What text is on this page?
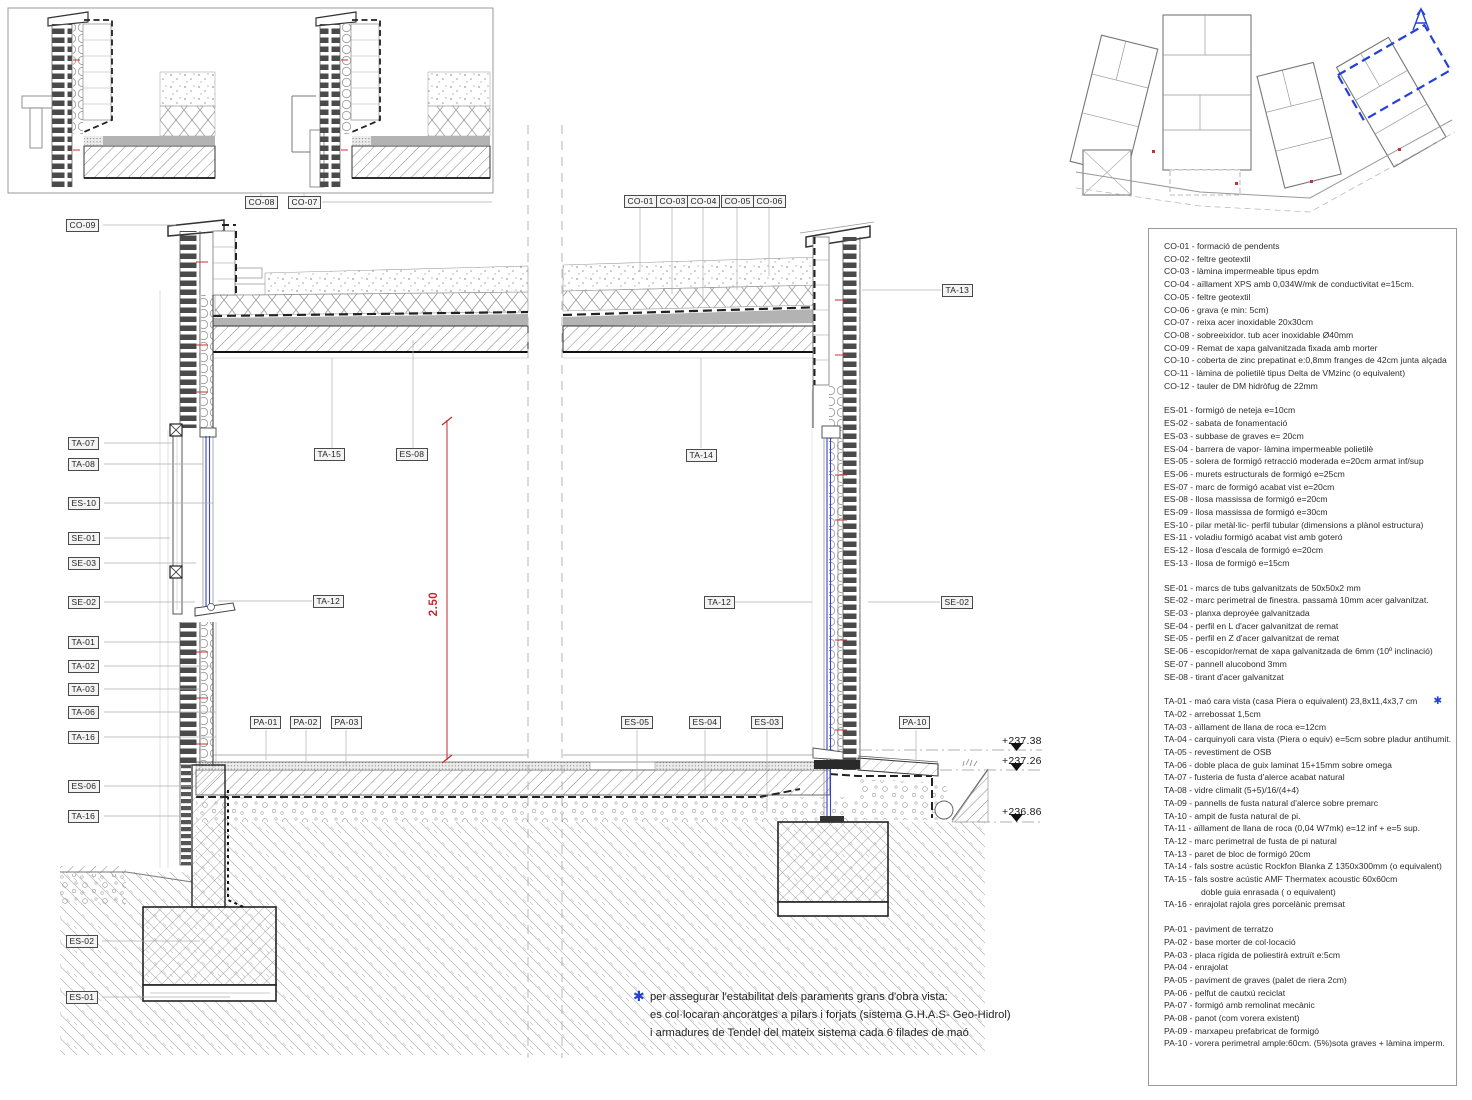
CO-09
CO-08	CO-07	CO-01 CO-03 CO-04 CO-05 CO-06
TA-13
TA-07
TA-08
ES-10
SE-01
SE-03
SE-02
TA-01
TA-02
TA-03
TA-06
TA-16
ES-06
TA-16
ES-02
ES-01
TA-15	ES-08	TA-14
TA-12	TA-12	SE-02
PA-01	PA-02	PA-03	ES-05	ES-04	ES-03	PA-10
+237.38
+237.26
+236.86
2.50
CO-01 - formació de pendents
CO-02 - feltre geotextil
CO-03 - làmina impermeable tipus epdm
CO-04 - aïllament XPS amb 0,034W/mk de conductivitat e=15cm.
CO-05 - feltre geotextil
CO-06 - grava (e min: 5cm)
CO-07 - reixa acer inoxidable 20x30cm
CO-08 - sobreeixidor. tub acer inoxidable Ø40mm
CO-09 - Remat de xapa galvanitzada fixada amb morter
CO-10 - coberta de zinc prepatinat e:0,8mm franges de 42cm junta alçada
CO-11 - làmina de polietilè tipus Delta de VMzinc (o equivalent)
CO-12 - tauler de DM hidròfug de 22mm
ES-01 - formigó de neteja e=10cm
ES-02 - sabata de fonamentació
ES-03 - subbase de graves e= 20cm
ES-04 - barrera de vapor- làmina impermeable polietilè
ES-05 - solera de formigó retracció moderada e=20cm armat inf/sup
ES-06 - murets estructurals de formigó e=25cm
ES-07 - marc de formigó acabat vist e=20cm
ES-08 - llosa massissa de formigó e=20cm
ES-09 - llosa massissa de formigó e=30cm
ES-10 - pilar metàl·lic- perfil tubular (dimensions a plànol estructura)
ES-11 - voladiu formigó acabat vist amb goteró
ES-12 - llosa d'escala de formigó e=20cm
ES-13 - llosa de formigó e=15cm
SE-01 - marcs de tubs galvanitzats de 50x50x2 mm
SE-02 - marc perimetral de finestra. passamà 10mm acer galvanitzat.
SE-03 - planxa deproyée galvanitzada
SE-04 - perfil en L d'acer galvanitzat de remat
SE-05 - perfil en Z d'acer galvanitzat de remat
SE-06 - escopidor/remat de xapa galvanitzada de 6mm (10º inclinació)
SE-07 - pannell alucobond 3mm
SE-08 - tirant d'acer galvanitzat
TA-01 - maó cara vista (casa Piera o equivalent) 23,8x11,4x3,7 cm ✱
TA-02 - arrebossat 1,5cm
TA-03 - aïllament de llana de roca e=12cm
TA-04 - carquinyoli cara vista (Piera o equiv) e=5cm sobre pladur antihumit.
TA-05 - revestiment de OSB
TA-06 - doble placa de guix laminat 15+15mm sobre omega
TA-07 - fusteria de fusta d'alerce acabat natural
TA-08 - vidre climalit (5+5)/16/(4+4)
TA-09 - pannells de fusta natural d'alerce sobre premarc
TA-10 - ampit de fusta natural de pi.
TA-11 - aïllament de llana de roca (0,04 W7mk) e=12 inf + e=5 sup.
TA-12 - marc perimetral de fusta de pi natural
TA-13 - paret de bloc de formigó 20cm
TA-14 - fals sostre acústic Rockfon Blanka Z 1350x300mm (o equivalent)
TA-15 - fals sostre acústic AMF Thermatex acoustic 60x60cm
doble guia enrasada ( o equivalent)
TA-16 - enrajolat rajola gres porcelànic premsat
PA-01 - paviment de terratzo
PA-02 - base morter de col·locació
PA-03 - placa rígida de poliestirà extruït e:5cm
PA-04 - enrajolat
PA-05 - paviment de graves (palet de riera 2cm)
PA-06 - pelfut de cautxú reciclat
PA-07 - formigó amb remolinat mecànic
PA-08 - panot (com vorera existent)
PA-09 - marxapeu prefabricat de formigó
PA-10 - vorera perimetral ample:60cm. (5%)sota graves + làmina imperm.
✱ per assegurar l'estabilitat dels paraments grans d'obra vista:
es col·locaran ancoratges a pilars i forjats (sistema G.H.A.S- Geo-Hidrol)
i armadures de Tendel del mateix sistema cada 6 filades de maó
